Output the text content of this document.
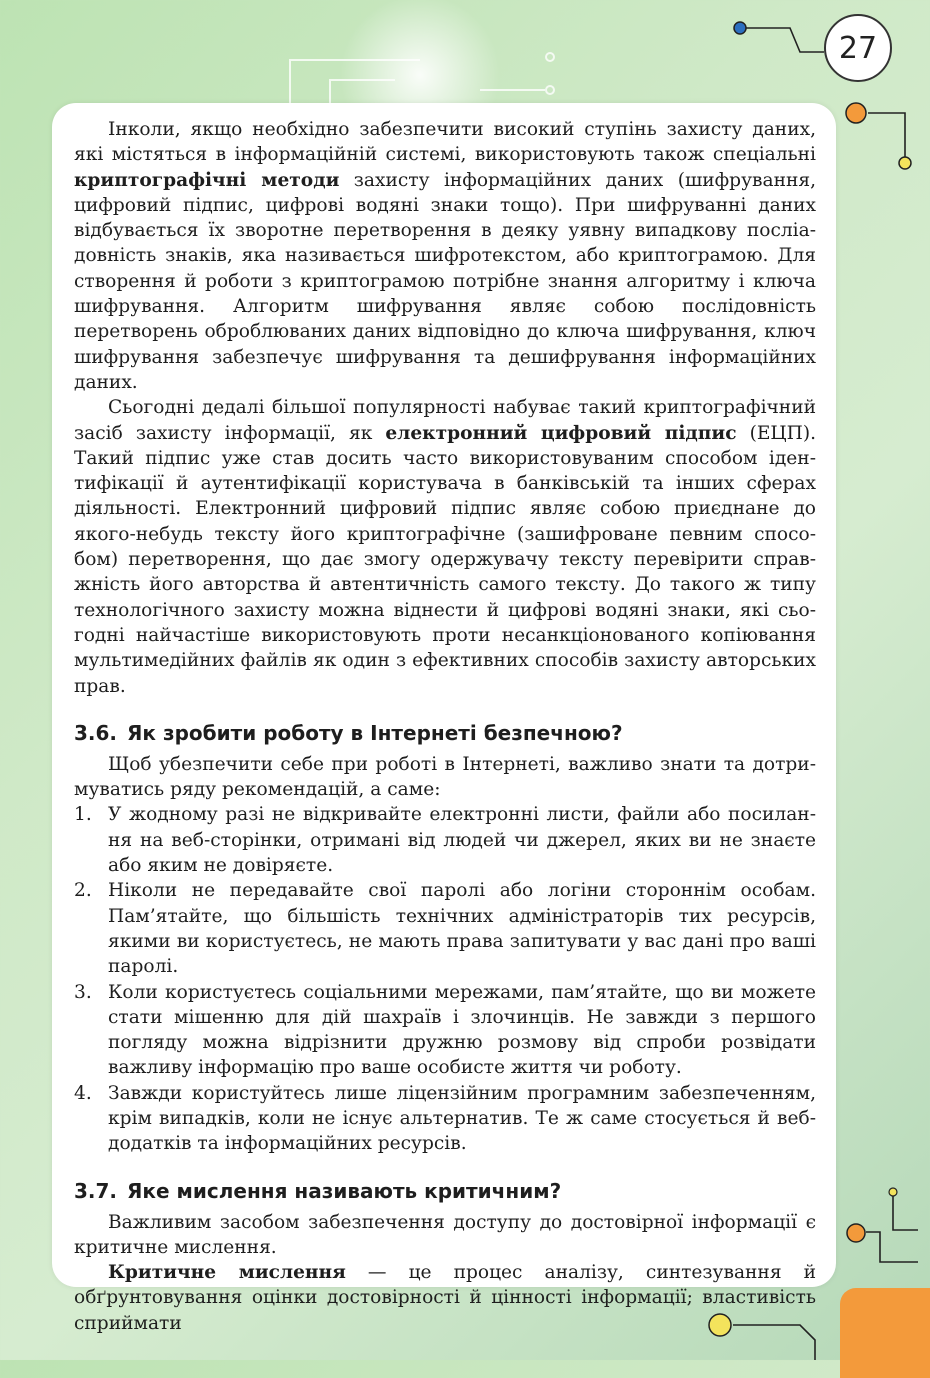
27

Інколи, якщо необхідно забезпечити високий ступінь захисту даних, які містяться в інформаційній системі, використовують також спеціальні криптографічні методи захисту інформаційних даних (шифрування, цифровий підпис, цифрові водяні знаки тощо). При шифруванні даних відбувається їх зворотне перетворення в деяку уявну випадкову посліадовність знаків, яка називається шифротекстом, або криптограмою. Для створення й роботи з криптограмою потрібне знання алгоритму і ключа шифрування. Алгоритм шифрування являє собою послідовність перетворень оброблюваних даних відповідно до ключа шифрування, ключ шифрування забезпечує шифрування та дешифрування інформаційних даних.

Сьогодні дедалі більшої популярності набуває такий криптографічний засіб захисту інформації, як електронний цифровий підпис (ЕЦП). Такий підпис уже став досить часто використовуваним способом ідентифікації й аутентифікації користувача в банківській та інших сферах діяльності. Електронний цифровий підпис являє собою приєднане до якого-небудь тексту його криптографічне (зашифроване певним способом) перетворення, що дає змогу одержувачу тексту перевірити справжність його авторства й автентичність самого тексту. До такого ж типу технологічного захисту можна віднести й цифрові водяні знаки, які сьогодні найчастіше використовують проти несанкціонованого копіювання мультимедійних файлів як один з ефективних способів захисту авторських прав.

3.6. Як зробити роботу в Інтернеті безпечною?

Щоб убезпечити себе при роботі в Інтернеті, важливо знати та дотримуватись ряду рекомендацій, а саме:

1. У жодному разі не відкривайте електронні листи, файли або посилання на веб-сторінки, отримані від людей чи джерел, яких ви не знаєте або яким не довіряєте.
2. Ніколи не передавайте свої паролі або логіни стороннім особам. Пам’ятайте, що більшість технічних адміністраторів тих ресурсів, якими ви користуєтесь, не мають права запитувати у вас дані про ваші паролі.
3. Коли користуєтесь соціальними мережами, пам’ятайте, що ви можете стати мішенню для дій шахраїв і злочинців. Не завжди з першого погляду можна відрізнити дружню розмову від спроби розвідати важливу інформацію про ваше особисте життя чи роботу.
4. Завжди користуйтесь лише ліцензійним програмним забезпеченням, крім випадків, коли не існує альтернатив. Те ж саме стосується й веб-додатків та інформаційних ресурсів.
3.7. Яке мислення називають критичним?

Важливим засобом забезпечення доступу до достовірної інформації є критичне мислення.

Критичне мислення — це процес аналізу, синтезування й обґрунтовування оцінки достовірності й цінності інформації; властивість сприймати
